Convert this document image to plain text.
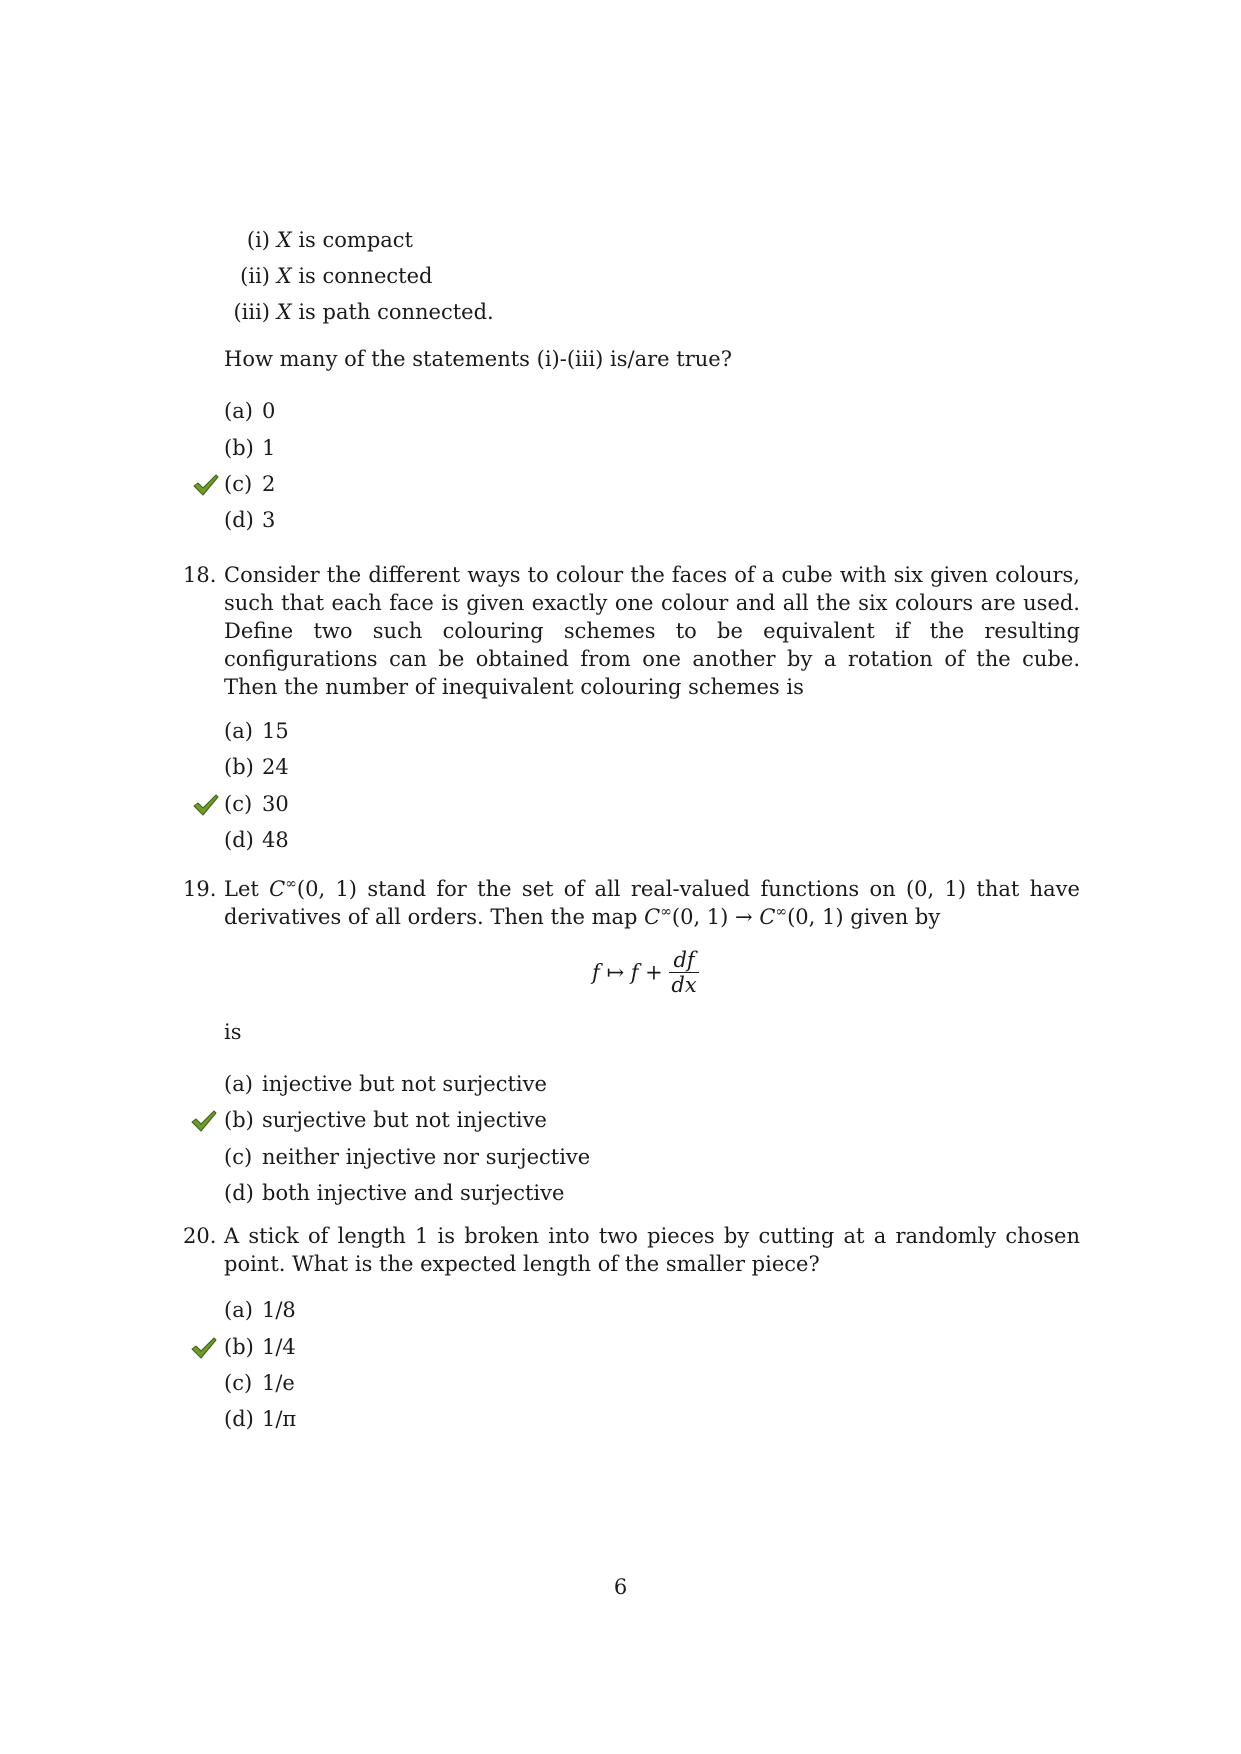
(i) X is compact
(ii) X is connected
(iii) X is path connected.
How many of the statements (i)-(iii) is/are true?
(a) 0
(b) 1
(c) 2
(d) 3
18. Consider the different ways to colour the faces of a cube with six given colours, such that each face is given exactly one colour and all the six colours are used. Define two such colouring schemes to be equivalent if the resulting configurations can be obtained from one another by a rotation of the cube. Then the number of inequivalent colouring schemes is
(a) 15
(b) 24
(c) 30
(d) 48
19. Let C∞(0, 1) stand for the set of all real-valued functions on (0, 1) that have derivatives of all orders. Then the map C∞(0, 1) → C∞(0, 1) given by
f ↦ $f + \frac{df}{dx}$
is
(a) injective but not surjective
(b) surjective but not injective
(c) neither injective nor surjective
(d) both injective and surjective
20. A stick of length 1 is broken into two pieces by cutting at a randomly chosen point. What is the expected length of the smaller piece?
(a) 1/8
(b) 1/4
(c) 1/e
(d) 1/π
6
